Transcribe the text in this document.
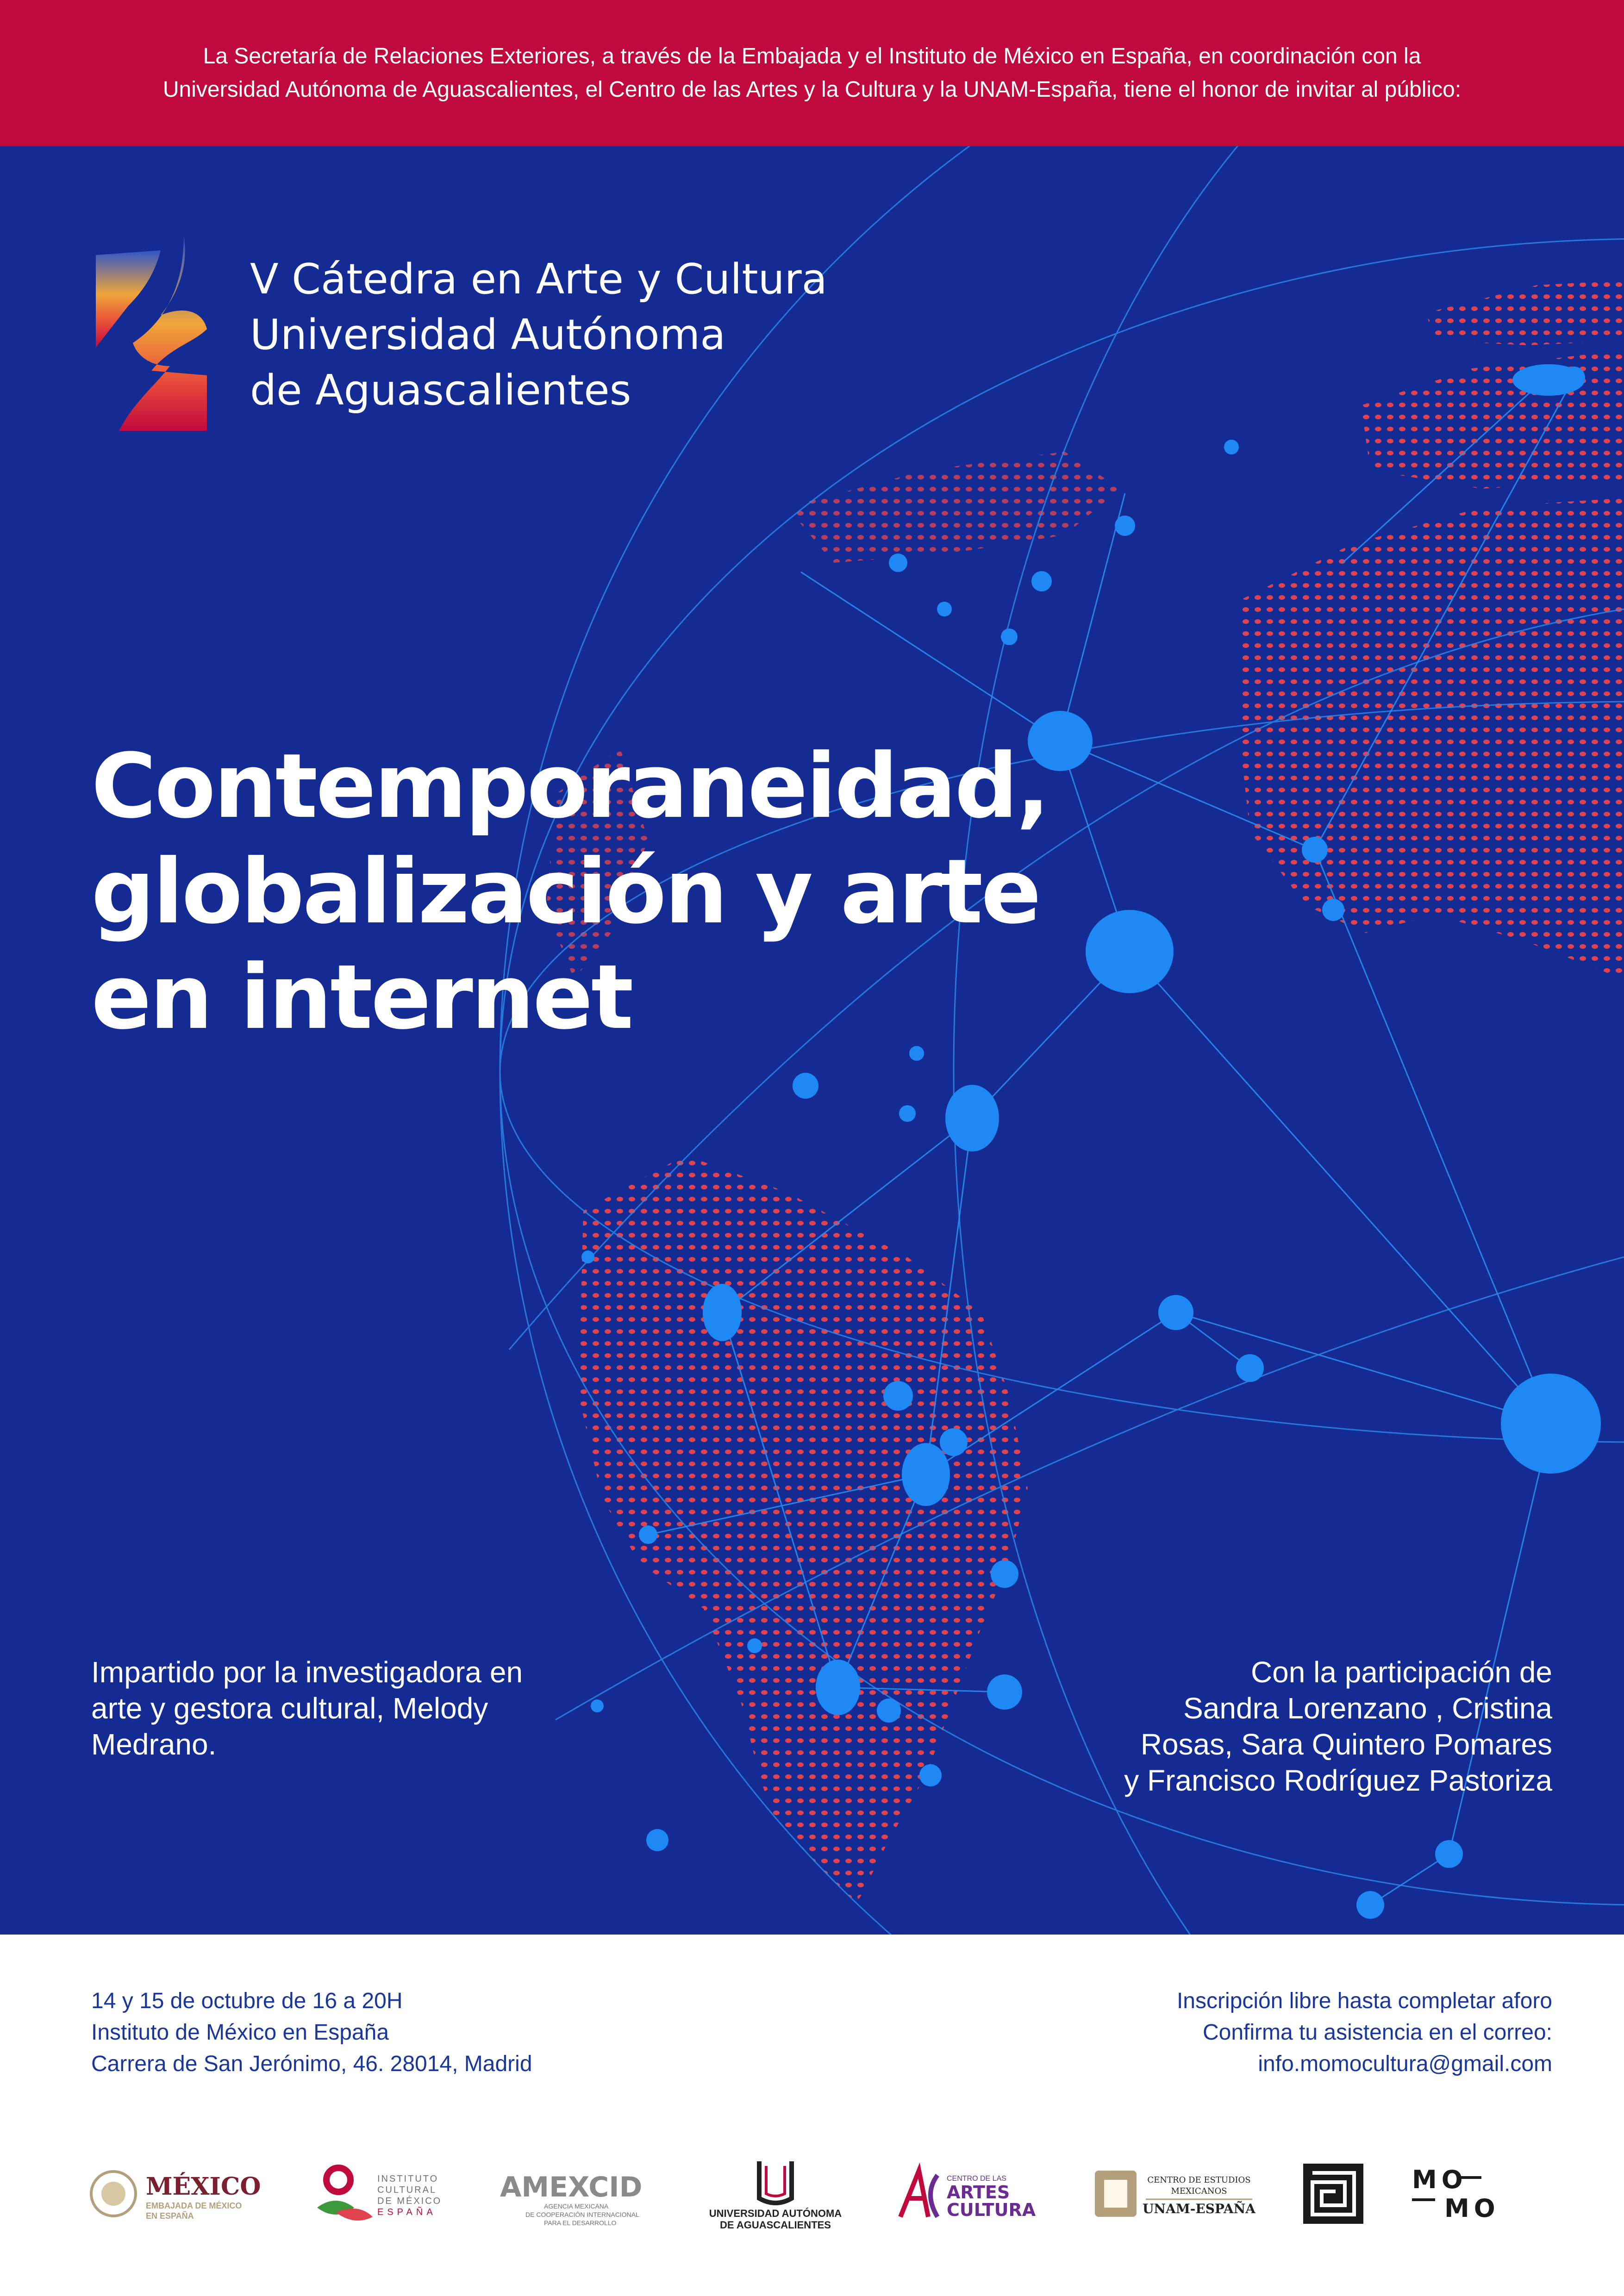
La Secretaría de Relaciones Exteriores, a través de la Embajada y el Instituto de México en España, en coordinación con la

Universidad Autónoma de Aguascalientes, el Centro de las Artes y la Cultura y la UNAM-España, tiene el honor de invitar al público:

V Cátedra en Arte y Cultura
Universidad Autónoma
de Aguascalientes
Contemporaneidad,
globalización y arte
en internet
Impartido por la investigadora en
arte y gestora cultural, Melody
Medrano.
Con la participación de
Sandra Lorenzano , Cristina
Rosas, Sara Quintero Pomares
y Francisco Rodríguez Pastoriza
14 y 15 de octubre de 16 a 20H
Instituto de México en España
Carrera de San Jerónimo, 46. 28014, Madrid
Inscripción libre hasta completar aforo
Confirma tu asistencia en el correo:
info.momocultura@gmail.com
MÉXICO
EMBAJADA DE MÉXICO
EN ESPAÑA
INSTITUTO
CULTURAL
DE MÉXICO
ESPAÑA
AMEXCID
AGENCIA MEXICANA
DE COOPERACIÓN INTERNACIONAL
PARA EL DESARROLLO
UNIVERSIDAD AUTÓNOMA
DE AGUASCALIENTES
CENTRO DE LAS
ARTES
CULTURA
CENTRO DE ESTUDIOS
MEXICANOS
UNAM-ESPAÑA
MO
MO
